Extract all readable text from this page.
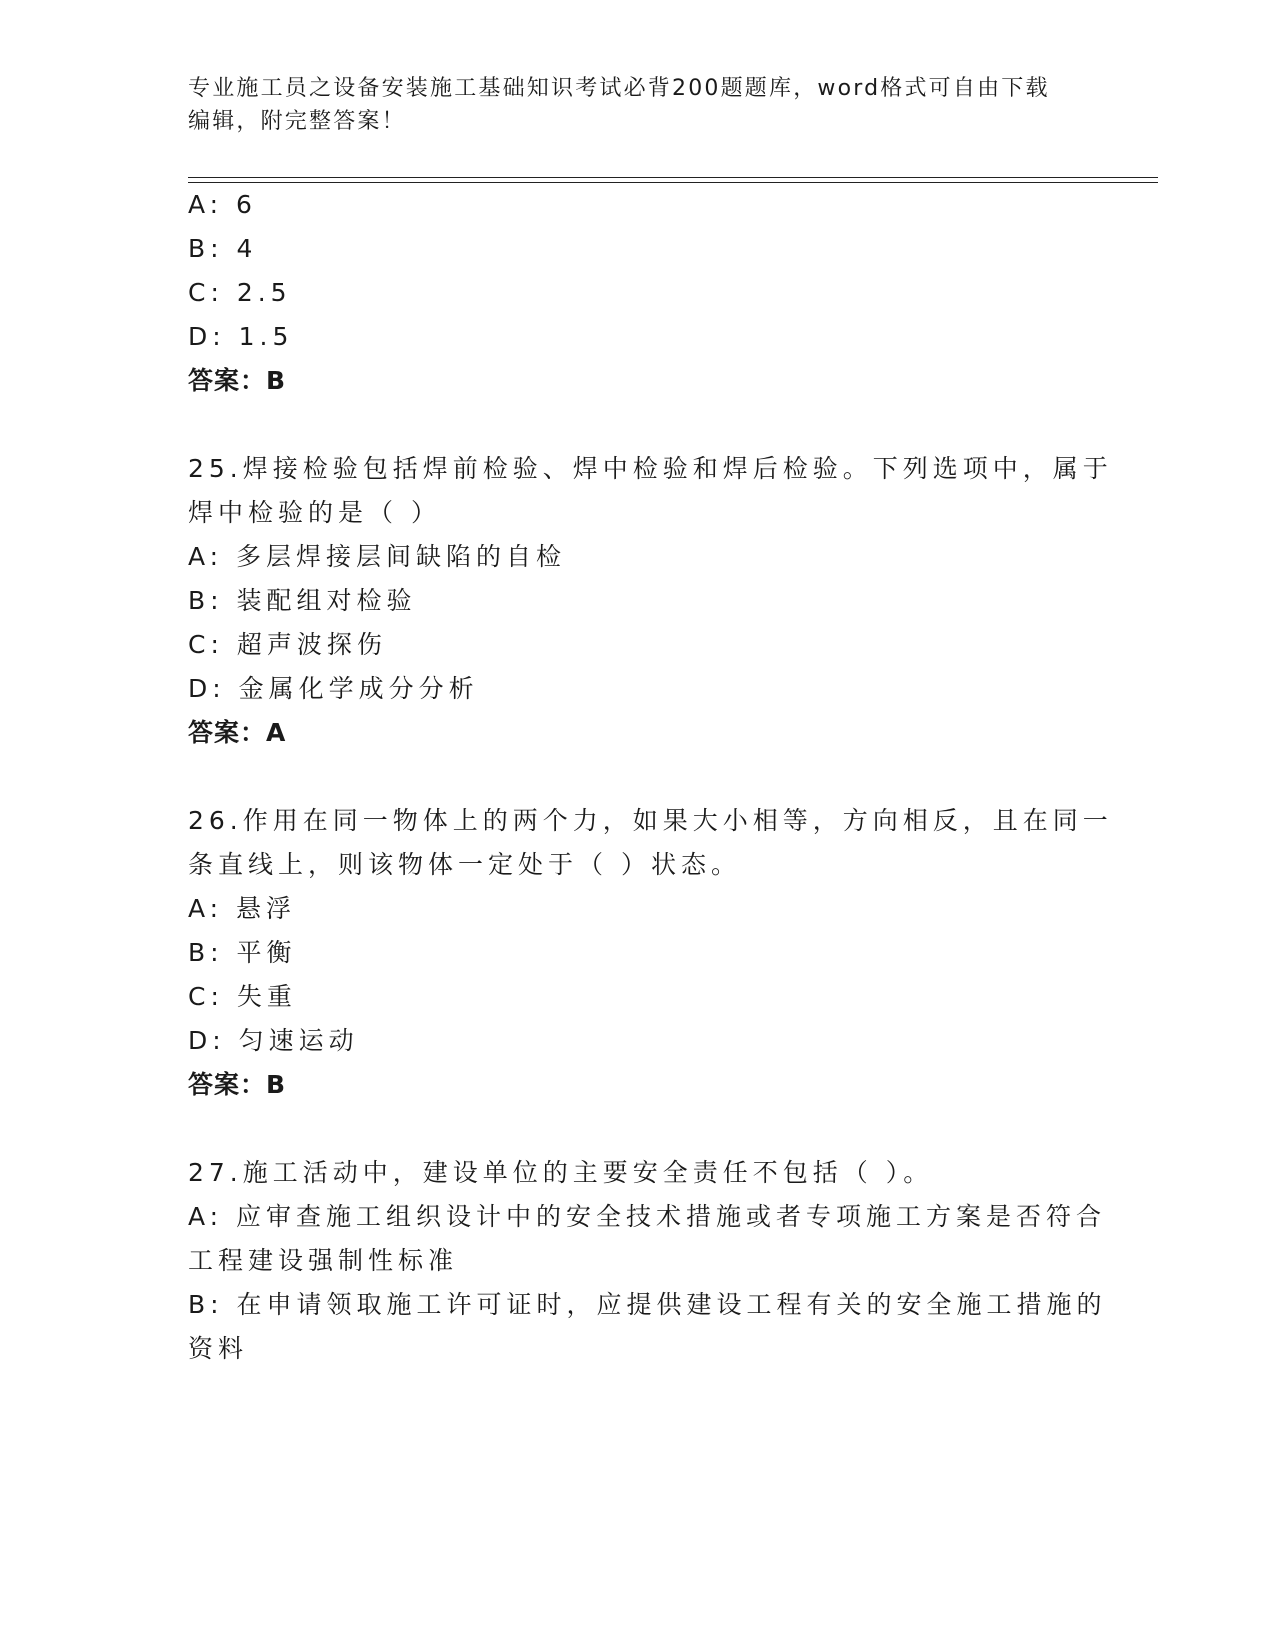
专业施工员之设备安装施工基础知识考试必背200题题库，word格式可自由下载
编辑，附完整答案！
A: 6
B: 4
C: 2.5
D: 1.5
答案：B
25.焊接检验包括焊前检验、焊中检验和焊后检验。下列选项中，属于
焊中检验的是（ ）
A: 多层焊接层间缺陷的自检
B: 装配组对检验
C: 超声波探伤
D: 金属化学成分分析
答案：A
26.作用在同一物体上的两个力，如果大小相等，方向相反，且在同一
条直线上，则该物体一定处于（ ）状态。
A: 悬浮
B: 平衡
C: 失重
D: 匀速运动
答案：B
27.施工活动中，建设单位的主要安全责任不包括（ ）。
A: 应审查施工组织设计中的安全技术措施或者专项施工方案是否符合
工程建设强制性标准
B: 在申请领取施工许可证时，应提供建设工程有关的安全施工措施的
资料
